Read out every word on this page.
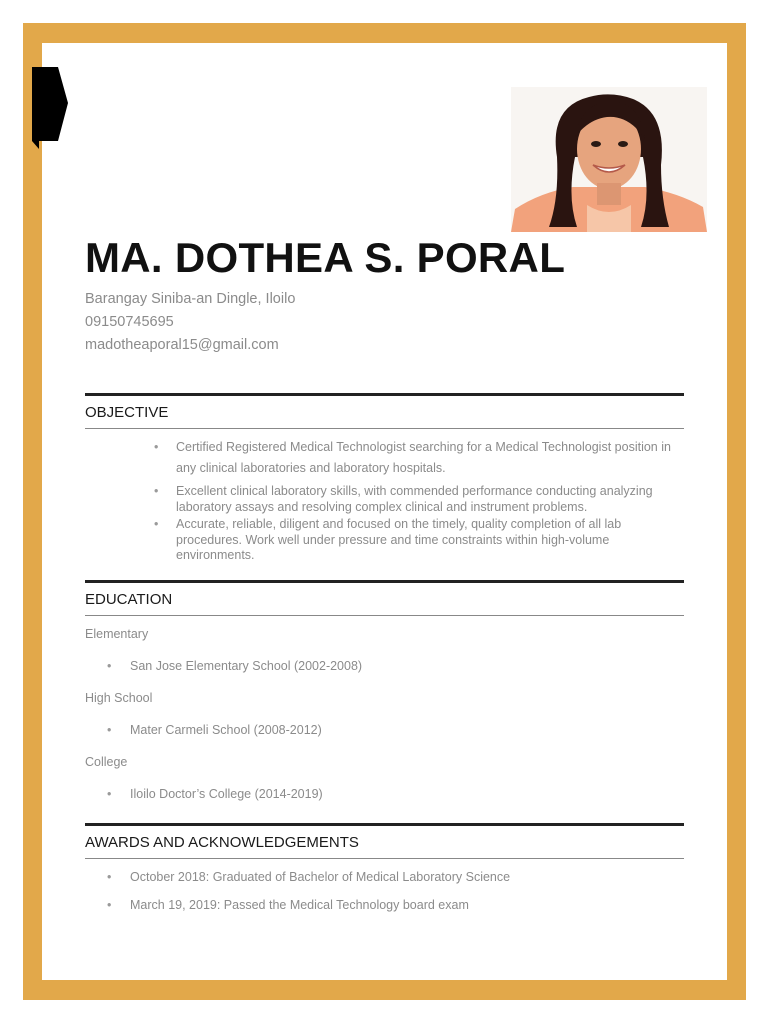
MA. DOTHEA S. PORAL
Barangay Siniba-an Dingle, Iloilo
09150745695
madotheaporal15@gmail.com
OBJECTIVE
• Certified Registered Medical Technologist searching for a Medical Technologist position in
any clinical laboratories and laboratory hospitals.
• Excellent clinical laboratory skills, with commended performance conducting analyzing
laboratory assays and resolving complex clinical and instrument problems.
• Accurate, reliable, diligent and focused on the timely, quality completion of all lab
procedures. Work well under pressure and time constraints within high-volume
environments.
EDUCATION
Elementary
• San Jose Elementary School (2002-2008)
High School
• Mater Carmeli School (2008-2012)
College
• Iloilo Doctor’s College (2014-2019)
AWARDS AND ACKNOWLEDGEMENTS
• October 2018: Graduated of Bachelor of Medical Laboratory Science
• March 19, 2019: Passed the Medical Technology board exam
